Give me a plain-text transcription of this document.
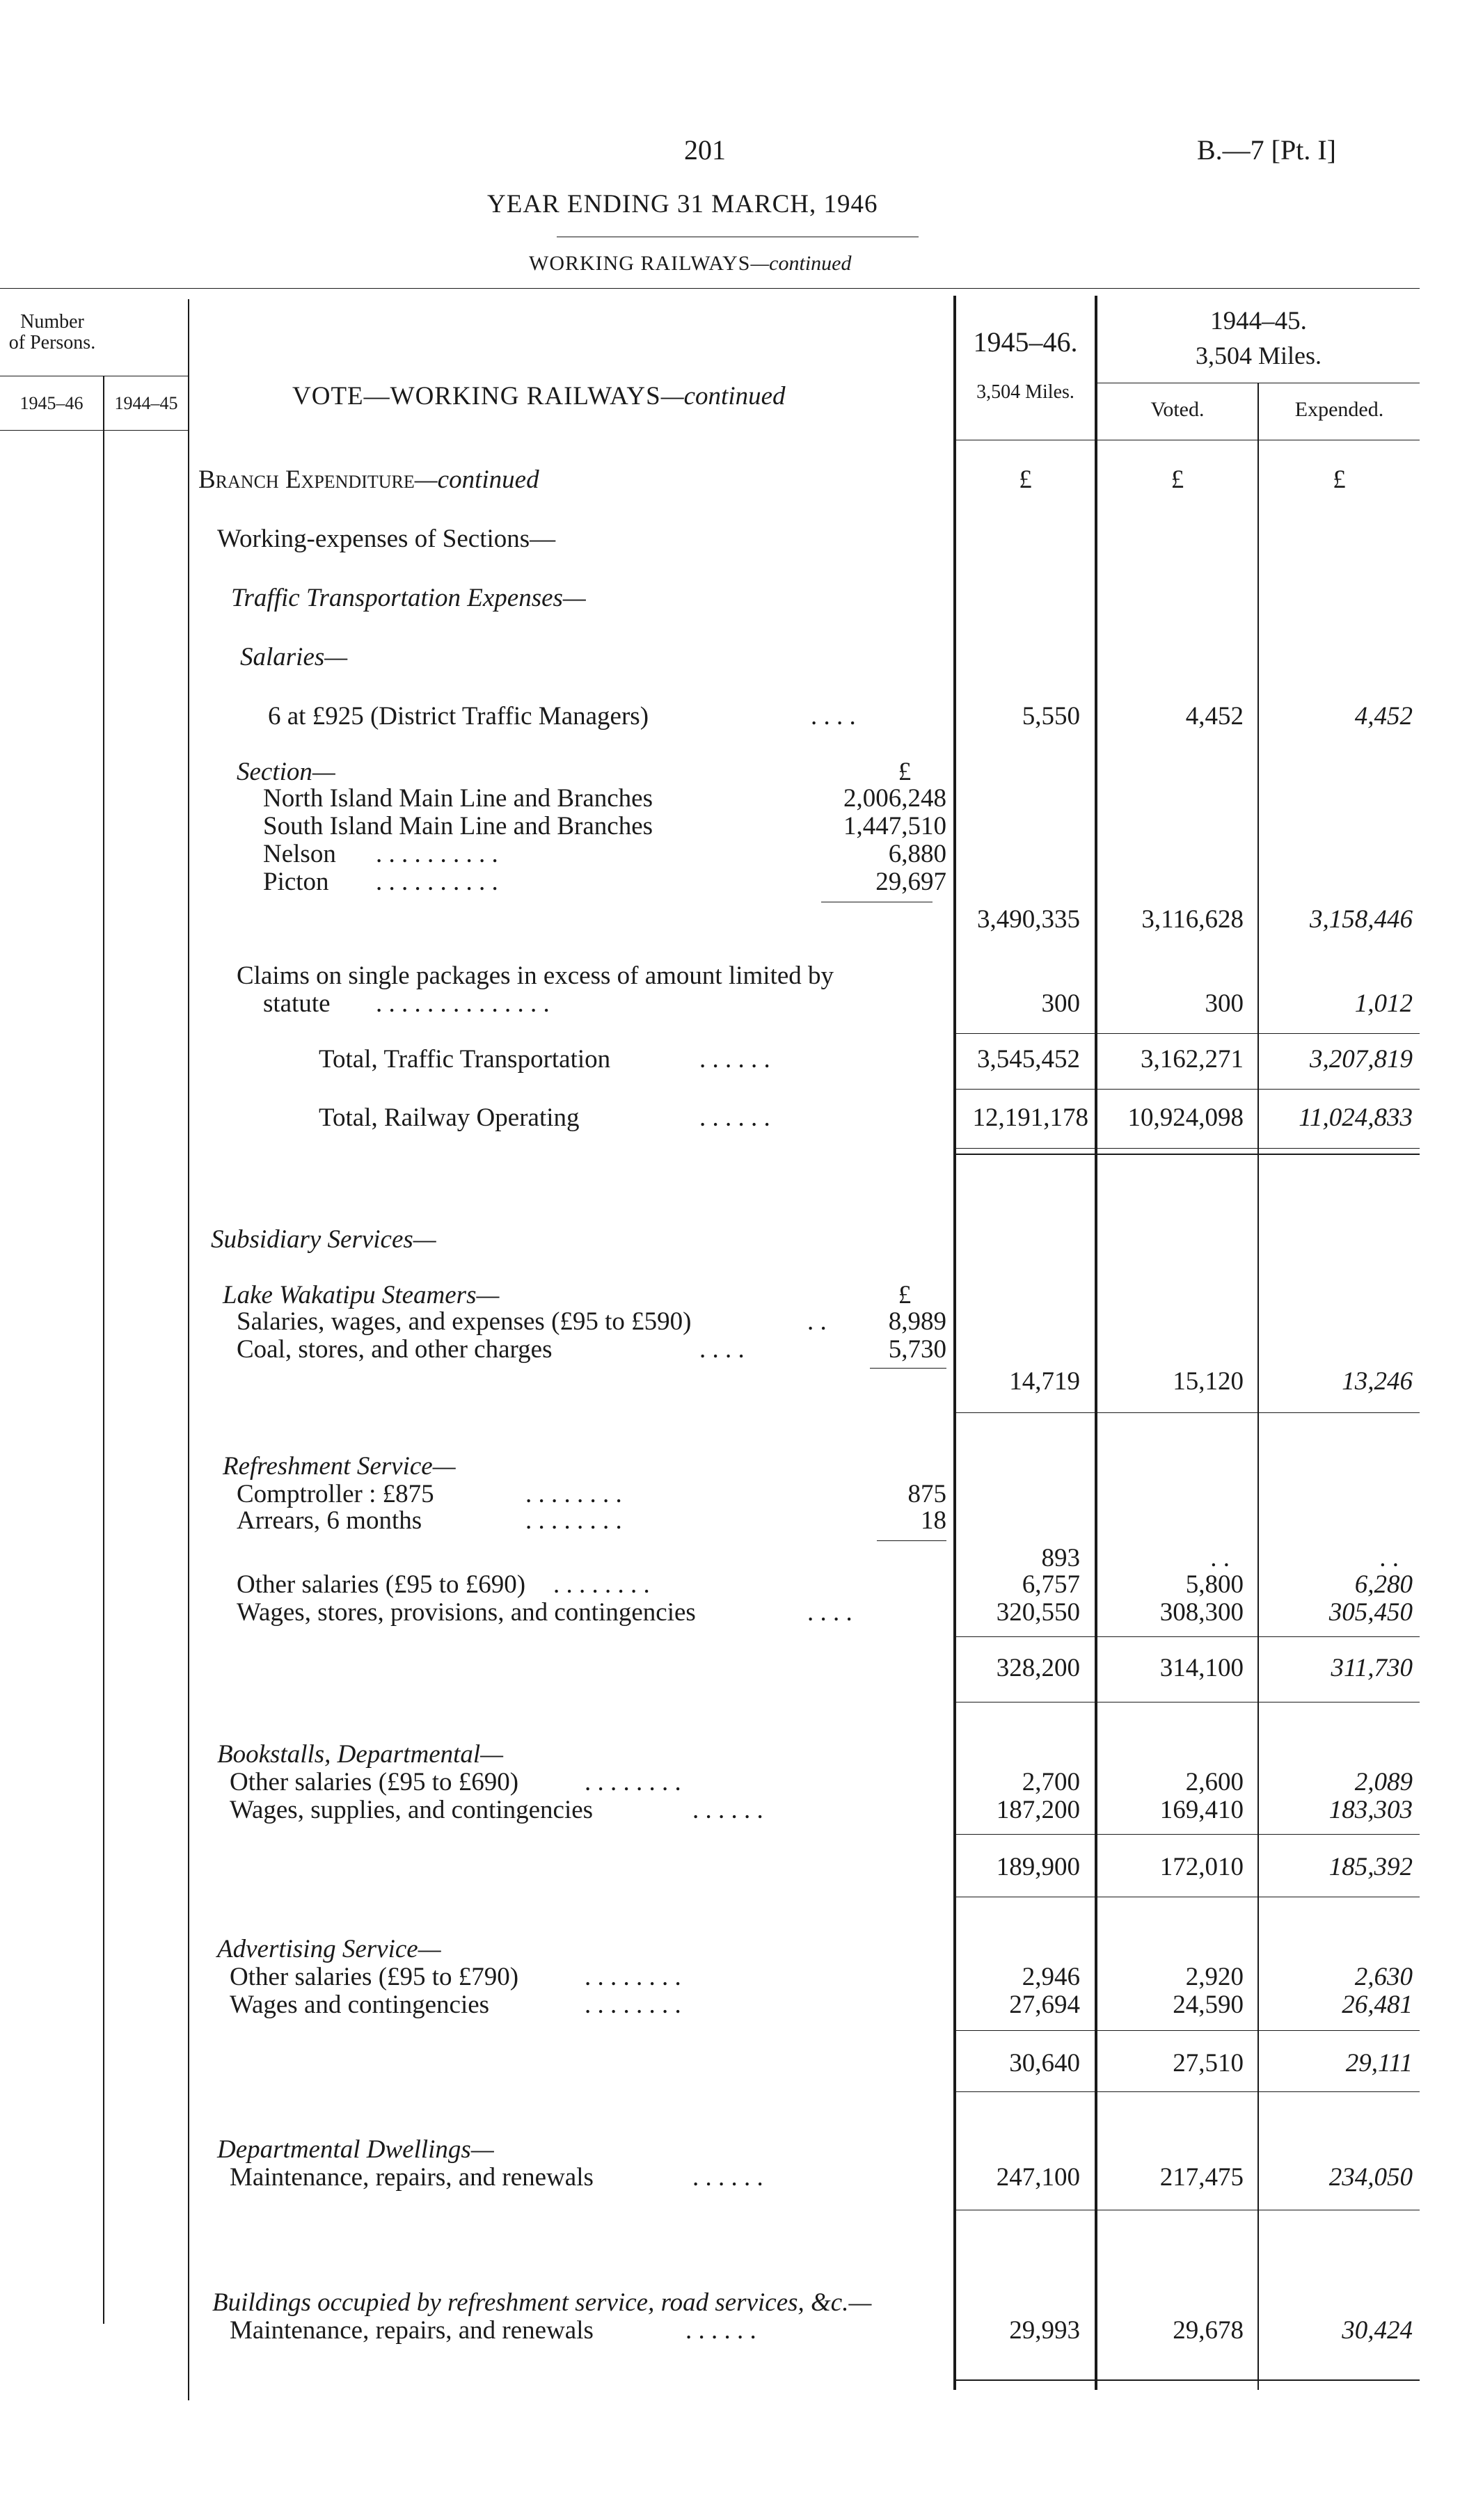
201	B.—7 [Pt. I]
YEAR ENDING 31 MARCH, 1946
WORKING RAILWAYS—continued
Number
of Persons.
1945–46	1944–45	VOTE—WORKING RAILWAYS—continued
1945–46.
3,504 Miles.
1944–45.
3,504 Miles.
Voted.	Expended.
Branch Expenditure—continued	£	£	£
Working-expenses of Sections—
Traffic Transportation Expenses—
Salaries—
6 at £925 (District Traffic Managers)	. . . .	5,550	4,452	4,452
Section—	£
North Island Main Line and Branches	2,006,248
South Island Main Line and Branches	1,447,510
Nelson . . . . . . . . . .	6,880
Picton . . . . . . . . . .	29,697
3,490,335	3,116,628	3,158,446
Claims on single packages in excess of amount limited by
statute . . . . . . . . . . . . . .	300	300	1,012
Total, Traffic Transportation	. . . . . .	3,545,452	3,162,271	3,207,819
Total, Railway Operating	. . . . . .	12,191,178	10,924,098	11,024,833
Subsidiary Services—
Lake Wakatipu Steamers—	£
Salaries, wages, and expenses (£95 to £590)	. .	8,989
Coal, stores, and other charges	. . . .	5,730
14,719	15,120	13,246
Refreshment Service—
Comptroller : £875	. . . . . . . .	875
Arrears, 6 months	. . . . . . . .	18
893	. .	. .
Other salaries (£95 to £690) . . . . . . . .	6,757	5,800	6,280
Wages, stores, provisions, and contingencies	. . . .	320,550	308,300	305,450
328,200	314,100	311,730
Bookstalls, Departmental—
Other salaries (£95 to £690)	. . . . . . . .	2,700	2,600	2,089
Wages, supplies, and contingencies	. . . . . .	187,200	169,410	183,303
189,900	172,010	185,392
Advertising Service—
Other salaries (£95 to £790)	. . . . . . . .	2,946	2,920	2,630
Wages and contingencies	. . . . . . . .	27,694	24,590	26,481
30,640	27,510	29,111
Departmental Dwellings—
Maintenance, repairs, and renewals	. . . . . .	247,100	217,475	234,050
Buildings occupied by refreshment service, road services, &c.—
Maintenance, repairs, and renewals	. . . . . .	29,993	29,678	30,424
